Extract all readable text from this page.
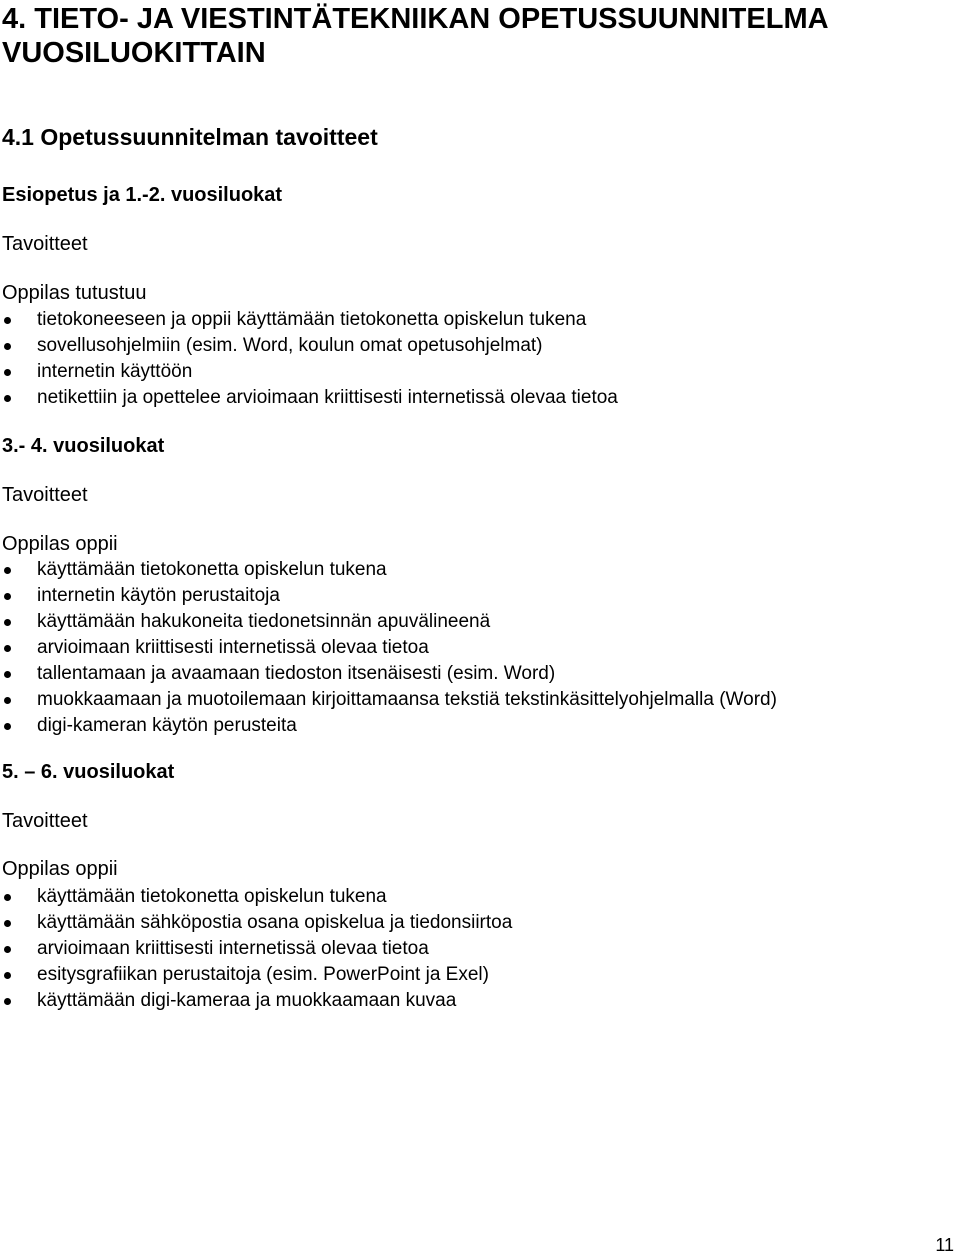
4. TIETO- JA VIESTINTÄTEKNIIKAN OPETUSSUUNNITELMA
VUOSILUOKITTAIN
4.1 Opetussuunnitelman tavoitteet
Esiopetus ja 1.-2. vuosiluokat
Tavoitteet
Oppilas tutustuu
tietokoneeseen ja oppii käyttämään tietokonetta opiskelun tukena
sovellusohjelmiin (esim. Word, koulun omat opetusohjelmat)
internetin käyttöön
netikettiin ja opettelee arvioimaan kriittisesti internetissä olevaa tietoa
3.- 4. vuosiluokat
Tavoitteet
Oppilas oppii
käyttämään tietokonetta opiskelun tukena
internetin käytön perustaitoja
käyttämään hakukoneita tiedonetsinnän apuvälineenä
arvioimaan kriittisesti internetissä olevaa tietoa
tallentamaan ja avaamaan tiedoston itsenäisesti (esim. Word)
muokkaamaan ja muotoilemaan kirjoittamaansa tekstiä tekstinkäsittelyohjelmalla (Word)
digi-kameran käytön perusteita
5. – 6. vuosiluokat
Tavoitteet
Oppilas oppii
käyttämään tietokonetta opiskelun tukena
käyttämään sähköpostia osana opiskelua ja tiedonsiirtoa
arvioimaan kriittisesti internetissä olevaa tietoa
esitysgrafiikan perustaitoja (esim. PowerPoint ja Exel)
käyttämään digi-kameraa ja muokkaamaan kuvaa
11
